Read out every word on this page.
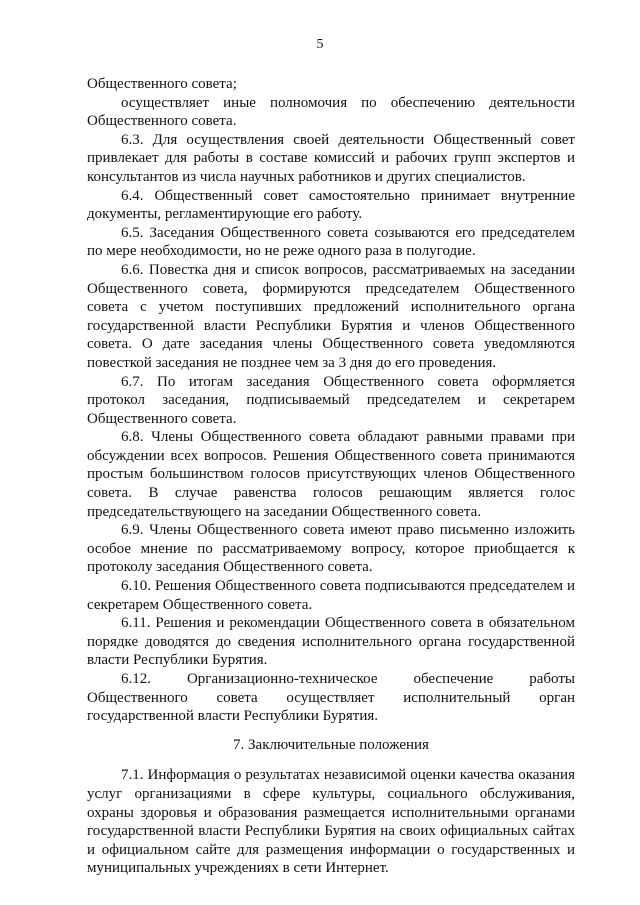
5

Общественного совета;

осуществляет иные полномочия по обеспечению деятельности Общественного совета.

6.3. Для осуществления своей деятельности Общественный совет привлекает для работы в составе комиссий и рабочих групп экспертов и консультантов из числа научных работников и других специалистов.

6.4. Общественный совет самостоятельно принимает внутренние документы, регламентирующие его работу.

6.5. Заседания Общественного совета созываются его председателем по мере необходимости, но не реже одного раза в полугодие.

6.6. Повестка дня и список вопросов, рассматриваемых на заседании Общественного совета, формируются председателем Общественного совета с учетом поступивших предложений исполнительного органа государственной власти Республики Бурятия и членов Общественного совета. О дате заседания члены Общественного совета уведомляются повесткой заседания не позднее чем за 3 дня до его проведения.

6.7. По итогам заседания Общественного совета оформляется протокол заседания, подписываемый председателем и секретарем Общественного совета.

6.8. Члены Общественного совета обладают равными правами при обсуждении всех вопросов. Решения Общественного совета принимаются простым большинством голосов присутствующих членов Общественного совета. В случае равенства голосов решающим является голос председательствующего на заседании Общественного совета.

6.9. Члены Общественного совета имеют право письменно изложить особое мнение по рассматриваемому вопросу, которое приобщается к протоколу заседания Общественного совета.

6.10. Решения Общественного совета подписываются председателем и секретарем Общественного совета.

6.11. Решения и рекомендации Общественного совета в обязательном порядке доводятся до сведения исполнительного органа государственной власти Республики Бурятия.

6.12. Организационно-техническое обеспечение работы Общественного совета осуществляет исполнительный орган государственной власти Республики Бурятия.

7. Заключительные положения

7.1. Информация о результатах независимой оценки качества оказания услуг организациями в сфере культуры, социального обслуживания, охраны здоровья и образования размещается исполнительными органами государственной власти Республики Бурятия на своих официальных сайтах и официальном сайте для размещения информации о государственных и муниципальных учреждениях в сети Интернет.
